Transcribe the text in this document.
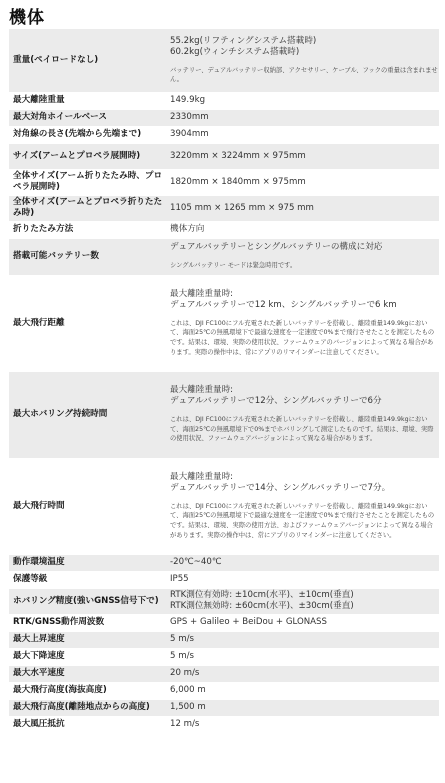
機体
重量(ペイロードなし)	55.2kg(リフティングシステム搭載時)
60.2kg(ウィンチシステム搭載時)
バッテリー、デュアルバッテリー収納部、アクセサリー、ケーブル、フックの重量は含まれません。

最大離陸重量	149.9kg

最大対角ホイールベース	2330mm

対角線の長さ(先端から先端まで)	3904mm

サイズ(アームとプロペラ展開時)	3220mm × 3224mm × 975mm

全体サイズ(アーム折りたたみ時、プロペラ展開時)	1820mm × 1840mm × 975mm

全体サイズ(アームとプロペラ折りたたみ時)	1105 mm × 1265 mm × 975 mm

折りたたみ方法	機体方向

搭載可能バッテリー数	デュアルバッテリーとシングルバッテリーの構成に対応
シングルバッテリー モードは緊急時用です。

最大飛行距離	最大離陸重量時:
デュアルバッテリーで12 km、シングルバッテリーで6 km
これは、DJI FC100にフル充電された新しいバッテリーを搭載し、離陸重量149.9kgにおいて、海面25℃の無風環境下で最適な速度を一定速度で0%まで飛行させたことを測定したものです。結果は、環境、実際の使用状況、ファームウェアのバージョンによって異なる場合があります。実際の操作中は、常にアプリのリマインダーに注意してください。

最大ホバリング持続時間	最大離陸重量時:
デュアルバッテリーで12分、シングルバッテリーで6分
これは、DJI FC100にフル充電された新しいバッテリーを搭載し、離陸重量149.9kgにおいて、海面25℃の無風環境下で0%までホバリングして測定したものです。結果は、環境、実際の使用状況、ファームウェアバージョンによって異なる場合があります。

最大飛行時間	最大離陸重量時:
デュアルバッテリーで14分、シングルバッテリーで7分。
これは、DJI FC100にフル充電された新しいバッテリーを搭載し、離陸重量149.9kgにおいて、海面25℃の無風環境下で最適な速度を一定速度で0%まで飛行させたことを測定したものです。結果は、環境、実際の使用方法、およびファームウェアバージョンによって異なる場合があります。実際の操作中は、常にアプリのリマインダーに注意してください。

動作環境温度	-20℃~40℃

保護等級	IP55

ホバリング精度(強いGNSS信号下で)	RTK測位有効時: ±10cm(水平)、±10cm(垂直)
RTK測位無効時: ±60cm(水平)、±30cm(垂直)

RTK/GNSS動作周波数	GPS + Galileo + BeiDou + GLONASS

最大上昇速度	5 m/s

最大下降速度	5 m/s

最大水平速度	20 m/s

最大飛行高度(海抜高度)	6,000 m

最大飛行高度(離陸地点からの高度)	1,500 m

最大風圧抵抗	12 m/s
